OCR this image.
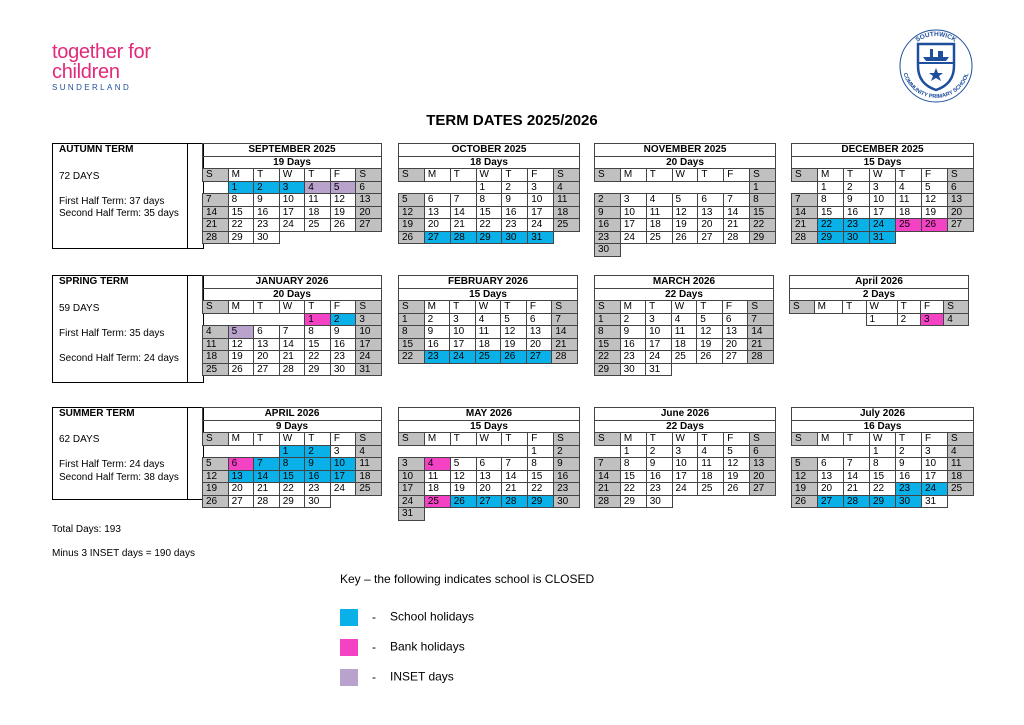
together for
children
SUNDERLAND
SOUTHWICK
COMMUNITY PRIMARY SCHOOL
TERM DATES 2025/2026
AUTUMN TERM
72 DAYS
First Half Term: 37 days
Second Half Term: 35 days
SPRING TERM
59 DAYS
First Half Term: 35 days
Second Half Term: 24 days
SUMMER TERM
62 DAYS
First Half Term: 24 days
Second Half Term: 38 days
SEPTEMBER 2025						
19 Days						
S	M	T	W	T	F	S
	1	2	3	4	5	6
7	8	9	10	11	12	13
14	15	16	17	18	19	20
21	22	23	24	25	26	27
28	29	30				
OCTOBER 2025						
18 Days						
S	M	T	W	T	F	S
			1	2	3	4
5	6	7	8	9	10	11
12	13	14	15	16	17	18
19	20	21	22	23	24	25
26	27	28	29	30	31	
NOVEMBER 2025						
20 Days						
S	M	T	W	T	F	S
						1
2	3	4	5	6	7	8
9	10	11	12	13	14	15
16	17	18	19	20	21	22
23	24	25	26	27	28	29
30						
DECEMBER 2025						
15 Days						
S	M	T	W	T	F	S
	1	2	3	4	5	6
7	8	9	10	11	12	13
14	15	16	17	18	19	20
21	22	23	24	25	26	27
28	29	30	31			
JANUARY 2026						
20 Days						
S	M	T	W	T	F	S
				1	2	3
4	5	6	7	8	9	10
11	12	13	14	15	16	17
18	19	20	21	22	23	24
25	26	27	28	29	30	31
FEBRUARY 2026						
15 Days						
S	M	T	W	T	F	S
1	2	3	4	5	6	7
8	9	10	11	12	13	14
15	16	17	18	19	20	21
22	23	24	25	26	27	28
MARCH 2026						
22 Days						
S	M	T	W	T	F	S
1	2	3	4	5	6	7
8	9	10	11	12	13	14
15	16	17	18	19	20	21
22	23	24	25	26	27	28
29	30	31				
April 2026						
2 Days						
S	M	T	W	T	F	S
			1	2	3	4
APRIL 2026						
9 Days						
S	M	T	W	T	F	S
			1	2	3	4
5	6	7	8	9	10	11
12	13	14	15	16	17	18
19	20	21	22	23	24	25
26	27	28	29	30		
MAY 2026						
15 Days						
S	M	T	W	T	F	S
					1	2
3	4	5	6	7	8	9
10	11	12	13	14	15	16
17	18	19	20	21	22	23
24	25	26	27	28	29	30
31						
June 2026						
22 Days						
S	M	T	W	T	F	S
	1	2	3	4	5	6
7	8	9	10	11	12	13
14	15	16	17	18	19	20
21	22	23	24	25	26	27
28	29	30				
July 2026						
16 Days						
S	M	T	W	T	F	S
			1	2	3	4
5	6	7	8	9	10	11
12	13	14	15	16	17	18
19	20	21	22	23	24	25
26	27	28	29	30	31	
Total Days: 193
Minus 3 INSET days = 190 days
Key – the following indicates school is CLOSED
- School holidays
- Bank holidays
- INSET days
